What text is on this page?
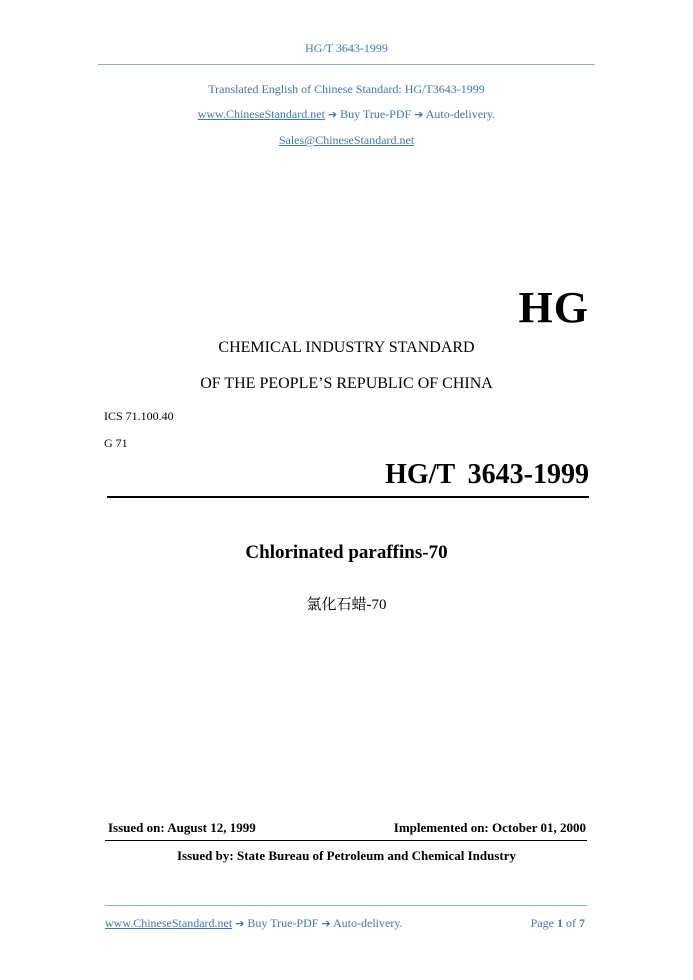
HG/T 3643-1999
Translated English of Chinese Standard: HG/T3643-1999
www.ChineseStandard.net ➔ Buy True-PDF ➔ Auto-delivery.
Sales@ChineseStandard.net
HG
CHEMICAL INDUSTRY STANDARD
OF THE PEOPLE’S REPUBLIC OF CHINA
ICS 71.100.40
G 71
HG/T 3643-1999
Chlorinated paraffins-70
氯化石蜡-70
Issued on: August 12, 1999	Implemented on: October 01, 2000
Issued by: State Bureau of Petroleum and Chemical Industry
www.ChineseStandard.net ➔ Buy True-PDF ➔ Auto-delivery.	Page 1 of 7
